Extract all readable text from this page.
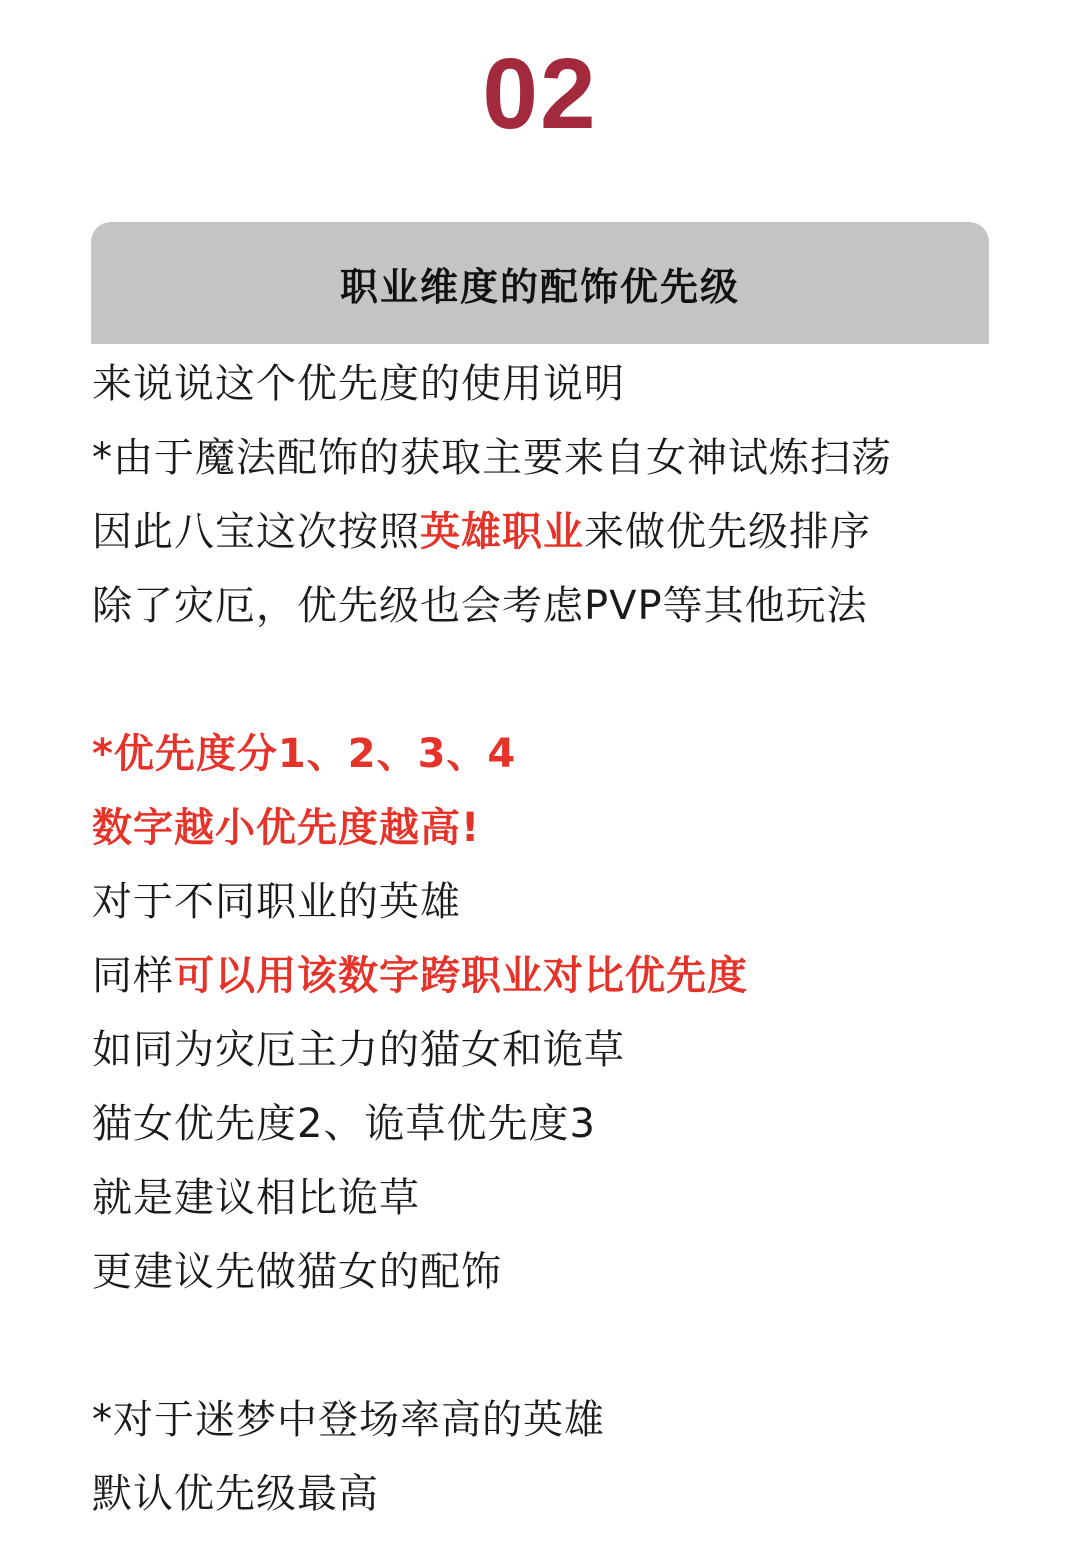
02
职业维度的配饰优先级
来说说这个优先度的使用说明
*由于魔法配饰的获取主要来自女神试炼扫荡
因此八宝这次按照英雄职业来做优先级排序
除了灾厄，优先级也会考虑PVP等其他玩法
*优先度分1、2、3、4
数字越小优先度越高!
对于不同职业的英雄
同样可以用该数字跨职业对比优先度
如同为灾厄主力的猫女和诡草
猫女优先度2、诡草优先度3
就是建议相比诡草
更建议先做猫女的配饰
*对于迷梦中登场率高的英雄
默认优先级最高
